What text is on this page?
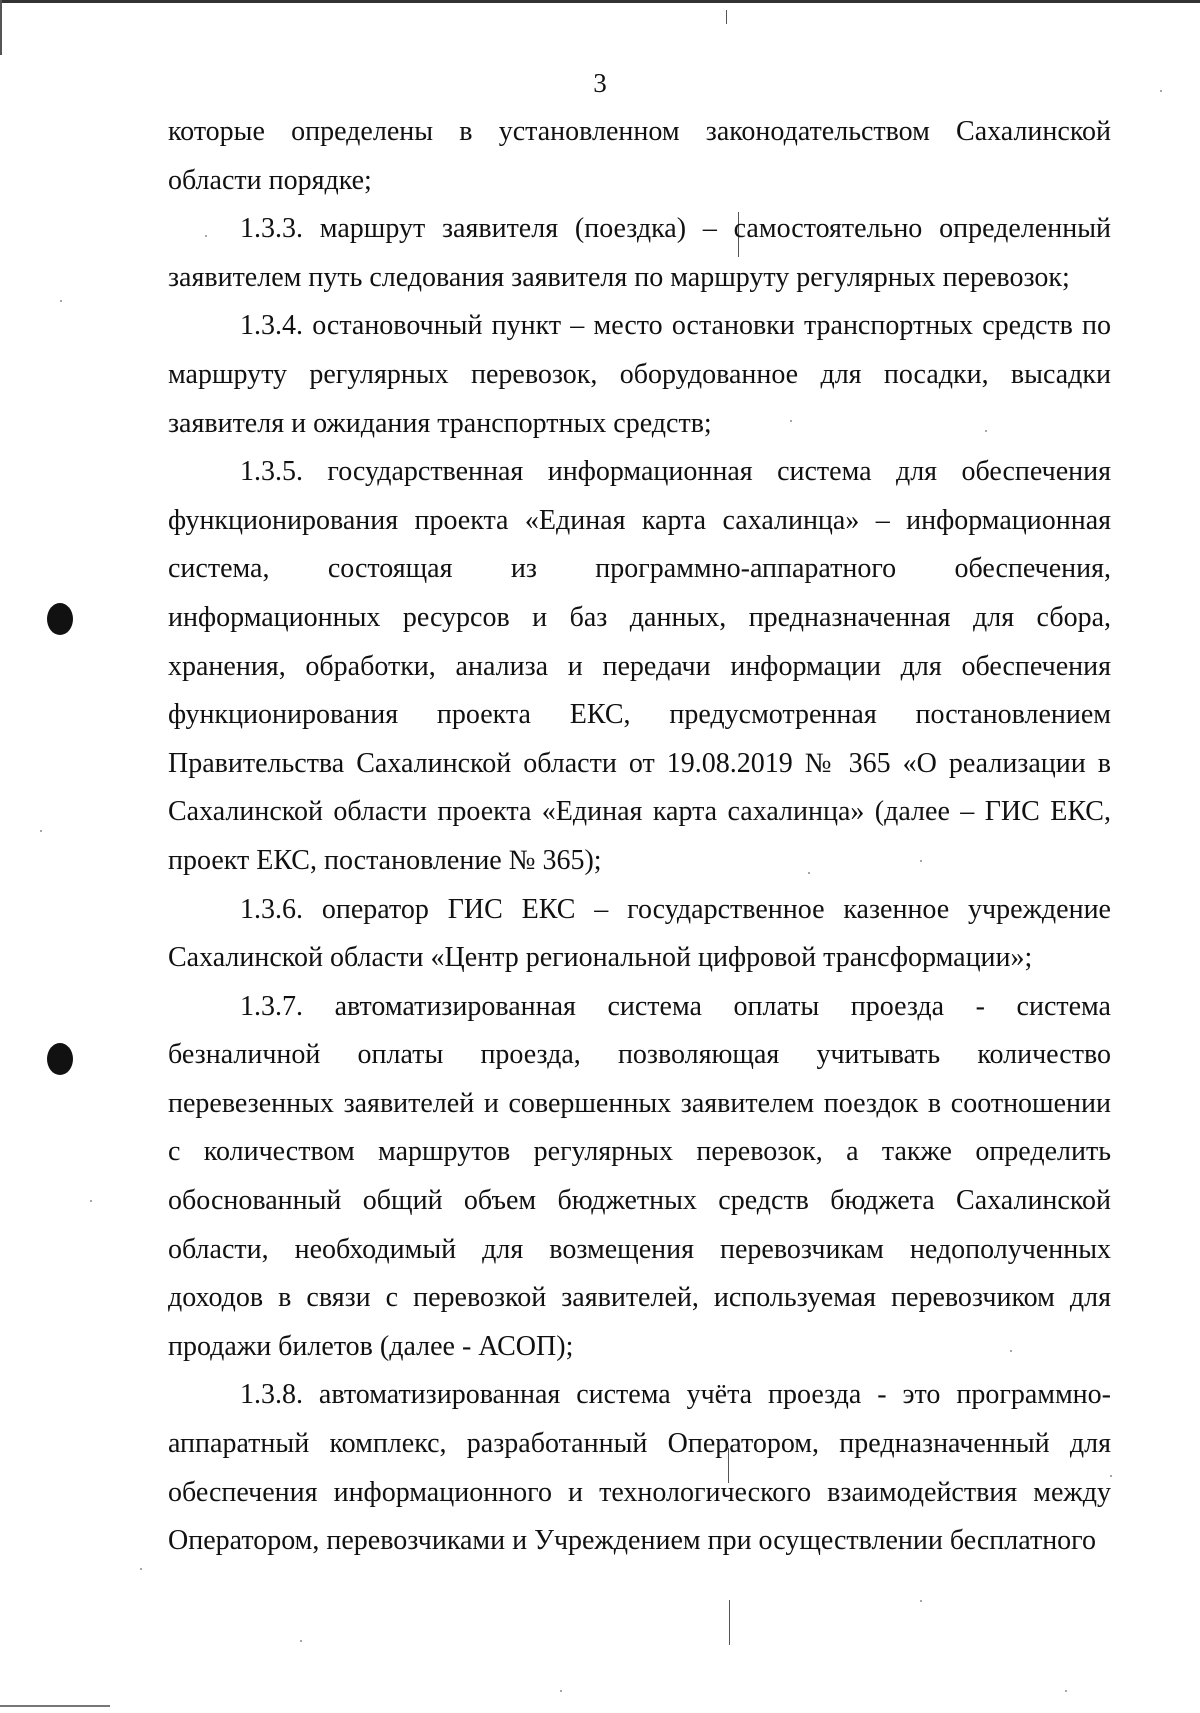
3

которые определены в установленном законодательством Сахалинской области порядке;

1.3.3. маршрут заявителя (поездка) – самостоятельно определенный заявителем путь следования заявителя по маршруту регулярных перевозок;

1.3.4. остановочный пункт – место остановки транспортных средств по маршруту регулярных перевозок, оборудованное для посадки, высадки заявителя и ожидания транспортных средств;

1.3.5. государственная информационная система для обеспечения функционирования проекта «Единая карта сахалинца» – информационная система, состоящая из программно-аппаратного обеспечения, информационных ресурсов и баз данных, предназначенная для сбора, хранения, обработки, анализа и передачи информации для обеспечения функционирования проекта ЕКС, предусмотренная постановлением Правительства Сахалинской области от 19.08.2019 № 365 «О реализации в Сахалинской области проекта «Единая карта сахалинца» (далее – ГИС ЕКС, проект ЕКС, постановление № 365);

1.3.6. оператор ГИС ЕКС – государственное казенное учреждение Сахалинской области «Центр региональной цифровой трансформации»;

1.3.7. автоматизированная система оплаты проезда - система безналичной оплаты проезда, позволяющая учитывать количество перевезенных заявителей и совершенных заявителем поездок в соотношении с количеством маршрутов регулярных перевозок, а также определить обоснованный общий объем бюджетных средств бюджета Сахалинской области, необходимый для возмещения перевозчикам недополученных доходов в связи с перевозкой заявителей, используемая перевозчиком для продажи билетов (далее - АСОП);

1.3.8. автоматизированная система учёта проезда - это программно-аппаратный комплекс, разработанный Оператором, предназначенный для обеспечения информационного и технологического взаимодействия между Оператором, перевозчиками и Учреждением при осуществлении бесплатного
